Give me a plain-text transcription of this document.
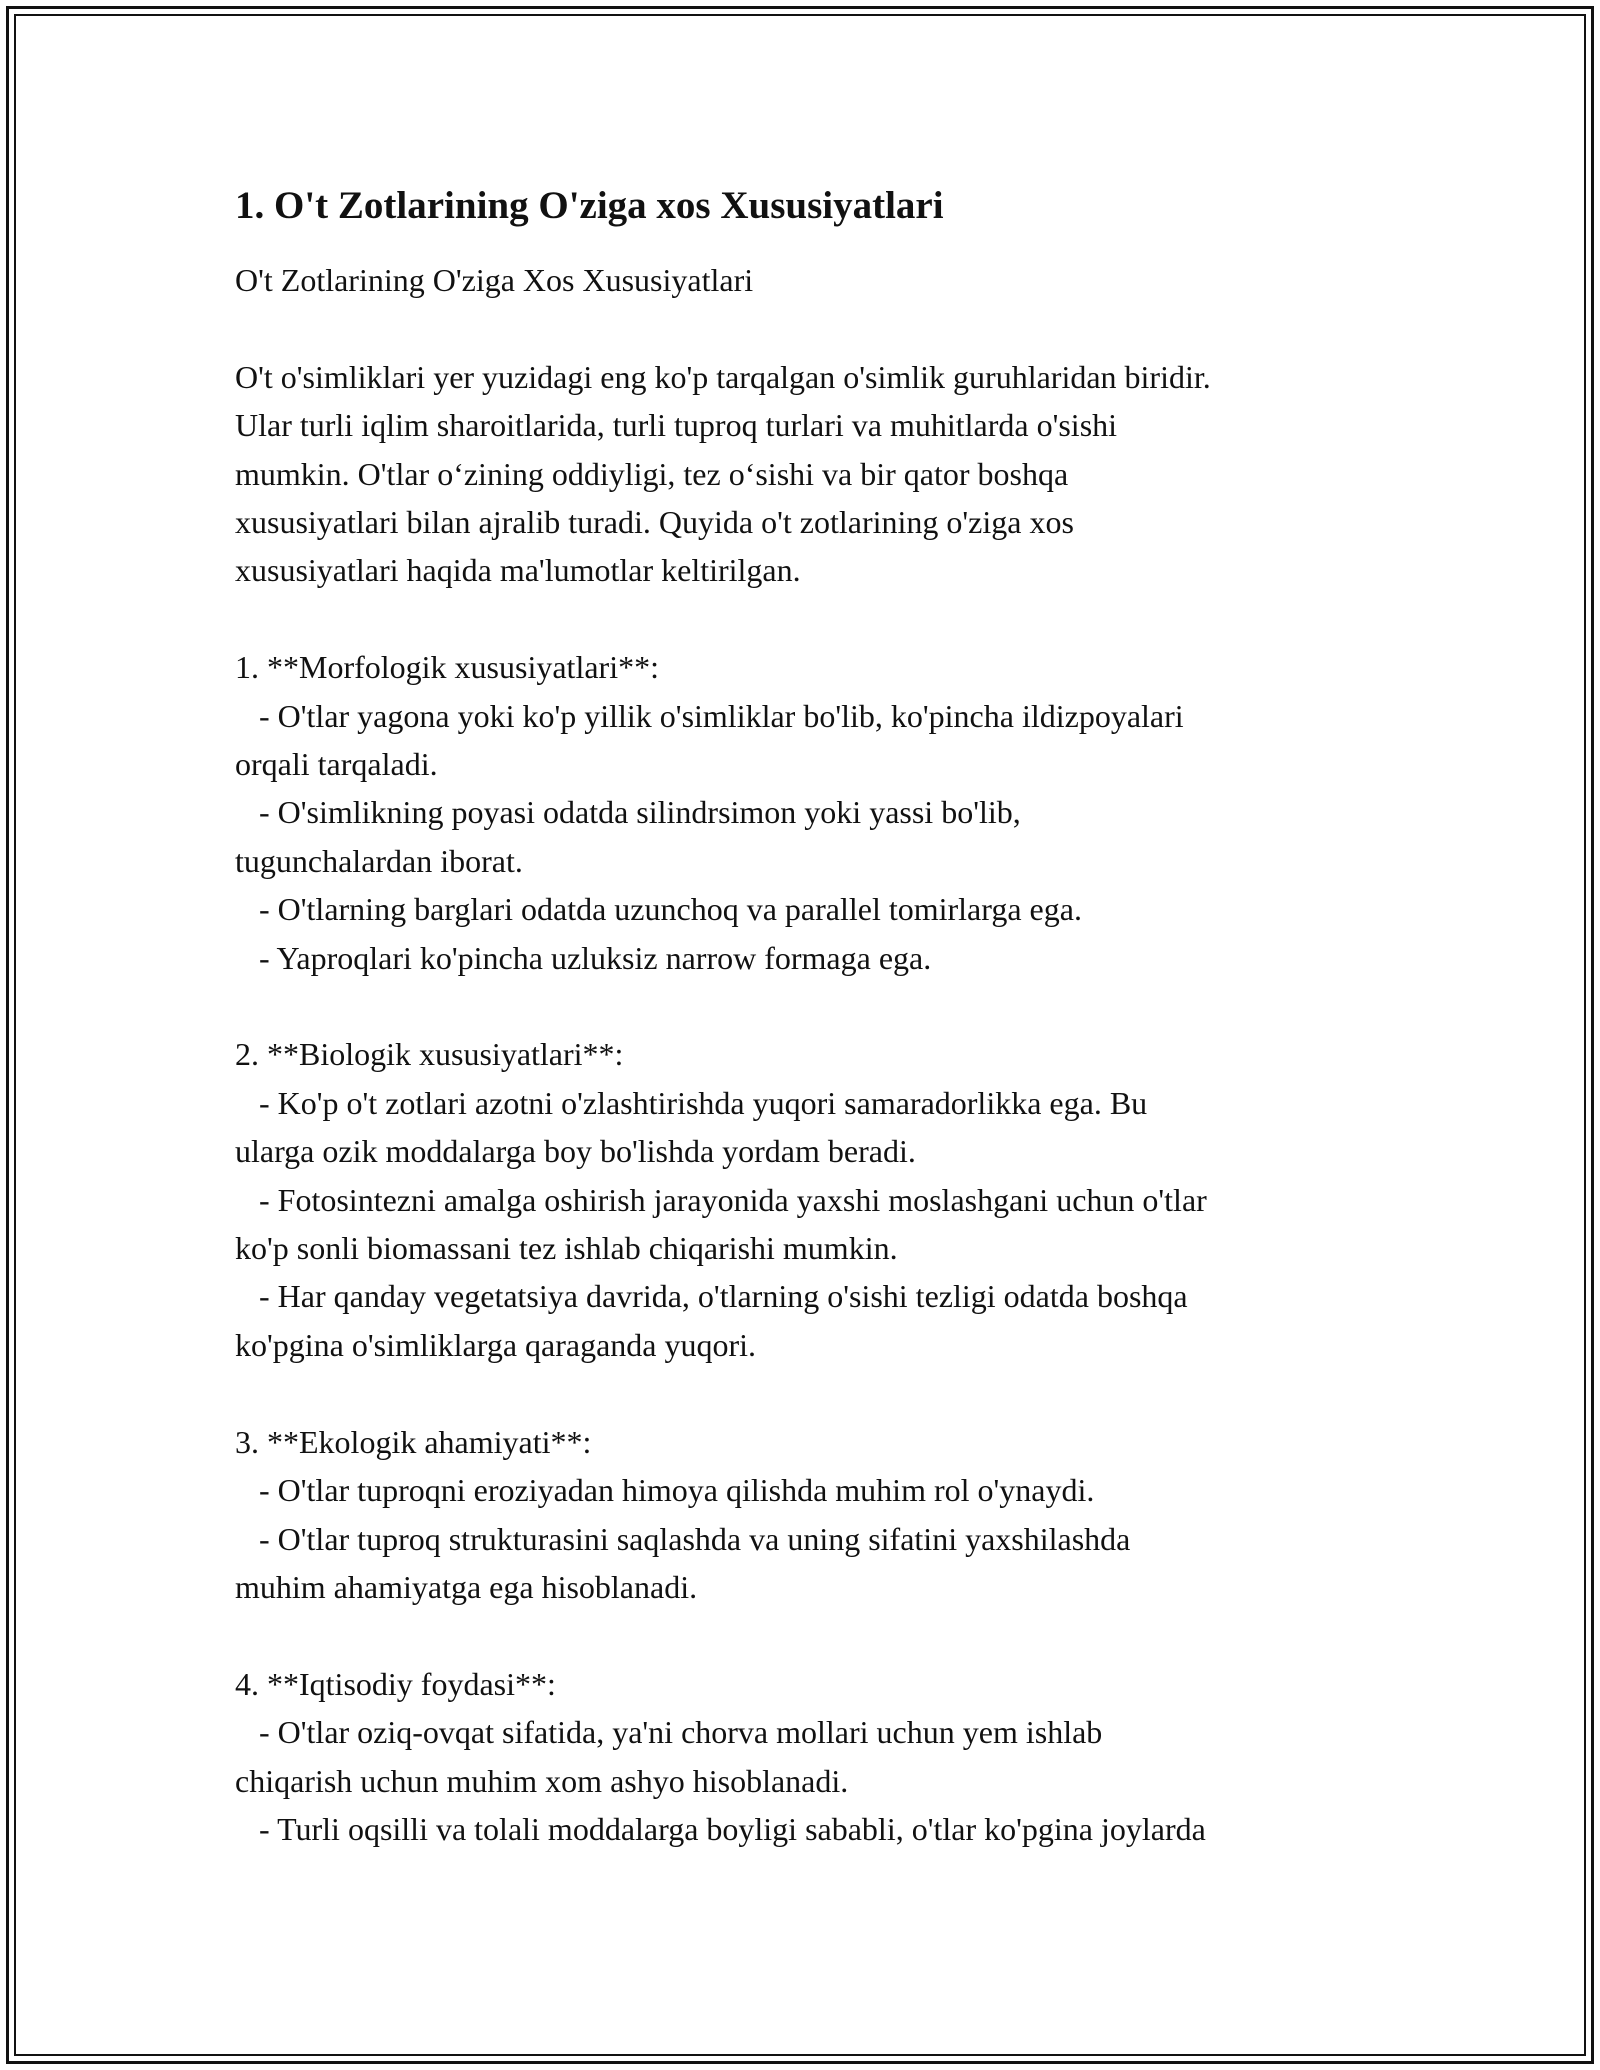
1. O't Zotlarining O'ziga xos Xususiyatlari

O't Zotlarining O'ziga Xos Xususiyatlari

O't o'simliklari yer yuzidagi eng ko'p tarqalgan o'simlik guruhlaridan biridir.

Ular turli iqlim sharoitlarida, turli tuproq turlari va muhitlarda o'sishi

mumkin. O'tlar o‘zining oddiyligi, tez o‘sishi va bir qator boshqa

xususiyatlari bilan ajralib turadi. Quyida o't zotlarining o'ziga xos

xususiyatlari haqida ma'lumotlar keltirilgan.

1. **Morfologik xususiyatlari**:

- O'tlar yagona yoki ko'p yillik o'simliklar bo'lib, ko'pincha ildizpoyalari

orqali tarqaladi.

- O'simlikning poyasi odatda silindrsimon yoki yassi bo'lib,

tugunchalardan iborat.

- O'tlarning barglari odatda uzunchoq va parallel tomirlarga ega.

- Yaproqlari ko'pincha uzluksiz narrow formaga ega.

2. **Biologik xususiyatlari**:

- Ko'p o't zotlari azotni o'zlashtirishda yuqori samaradorlikka ega. Bu

ularga ozik moddalarga boy bo'lishda yordam beradi.

- Fotosintezni amalga oshirish jarayonida yaxshi moslashgani uchun o'tlar

ko'p sonli biomassani tez ishlab chiqarishi mumkin.

- Har qanday vegetatsiya davrida, o'tlarning o'sishi tezligi odatda boshqa

ko'pgina o'simliklarga qaraganda yuqori.

3. **Ekologik ahamiyati**:

- O'tlar tuproqni eroziyadan himoya qilishda muhim rol o'ynaydi.

- O'tlar tuproq strukturasini saqlashda va uning sifatini yaxshilashda

muhim ahamiyatga ega hisoblanadi.

4. **Iqtisodiy foydasi**:

- O'tlar oziq-ovqat sifatida, ya'ni chorva mollari uchun yem ishlab

chiqarish uchun muhim xom ashyo hisoblanadi.

- Turli oqsilli va tolali moddalarga boyligi sababli, o'tlar ko'pgina joylarda
